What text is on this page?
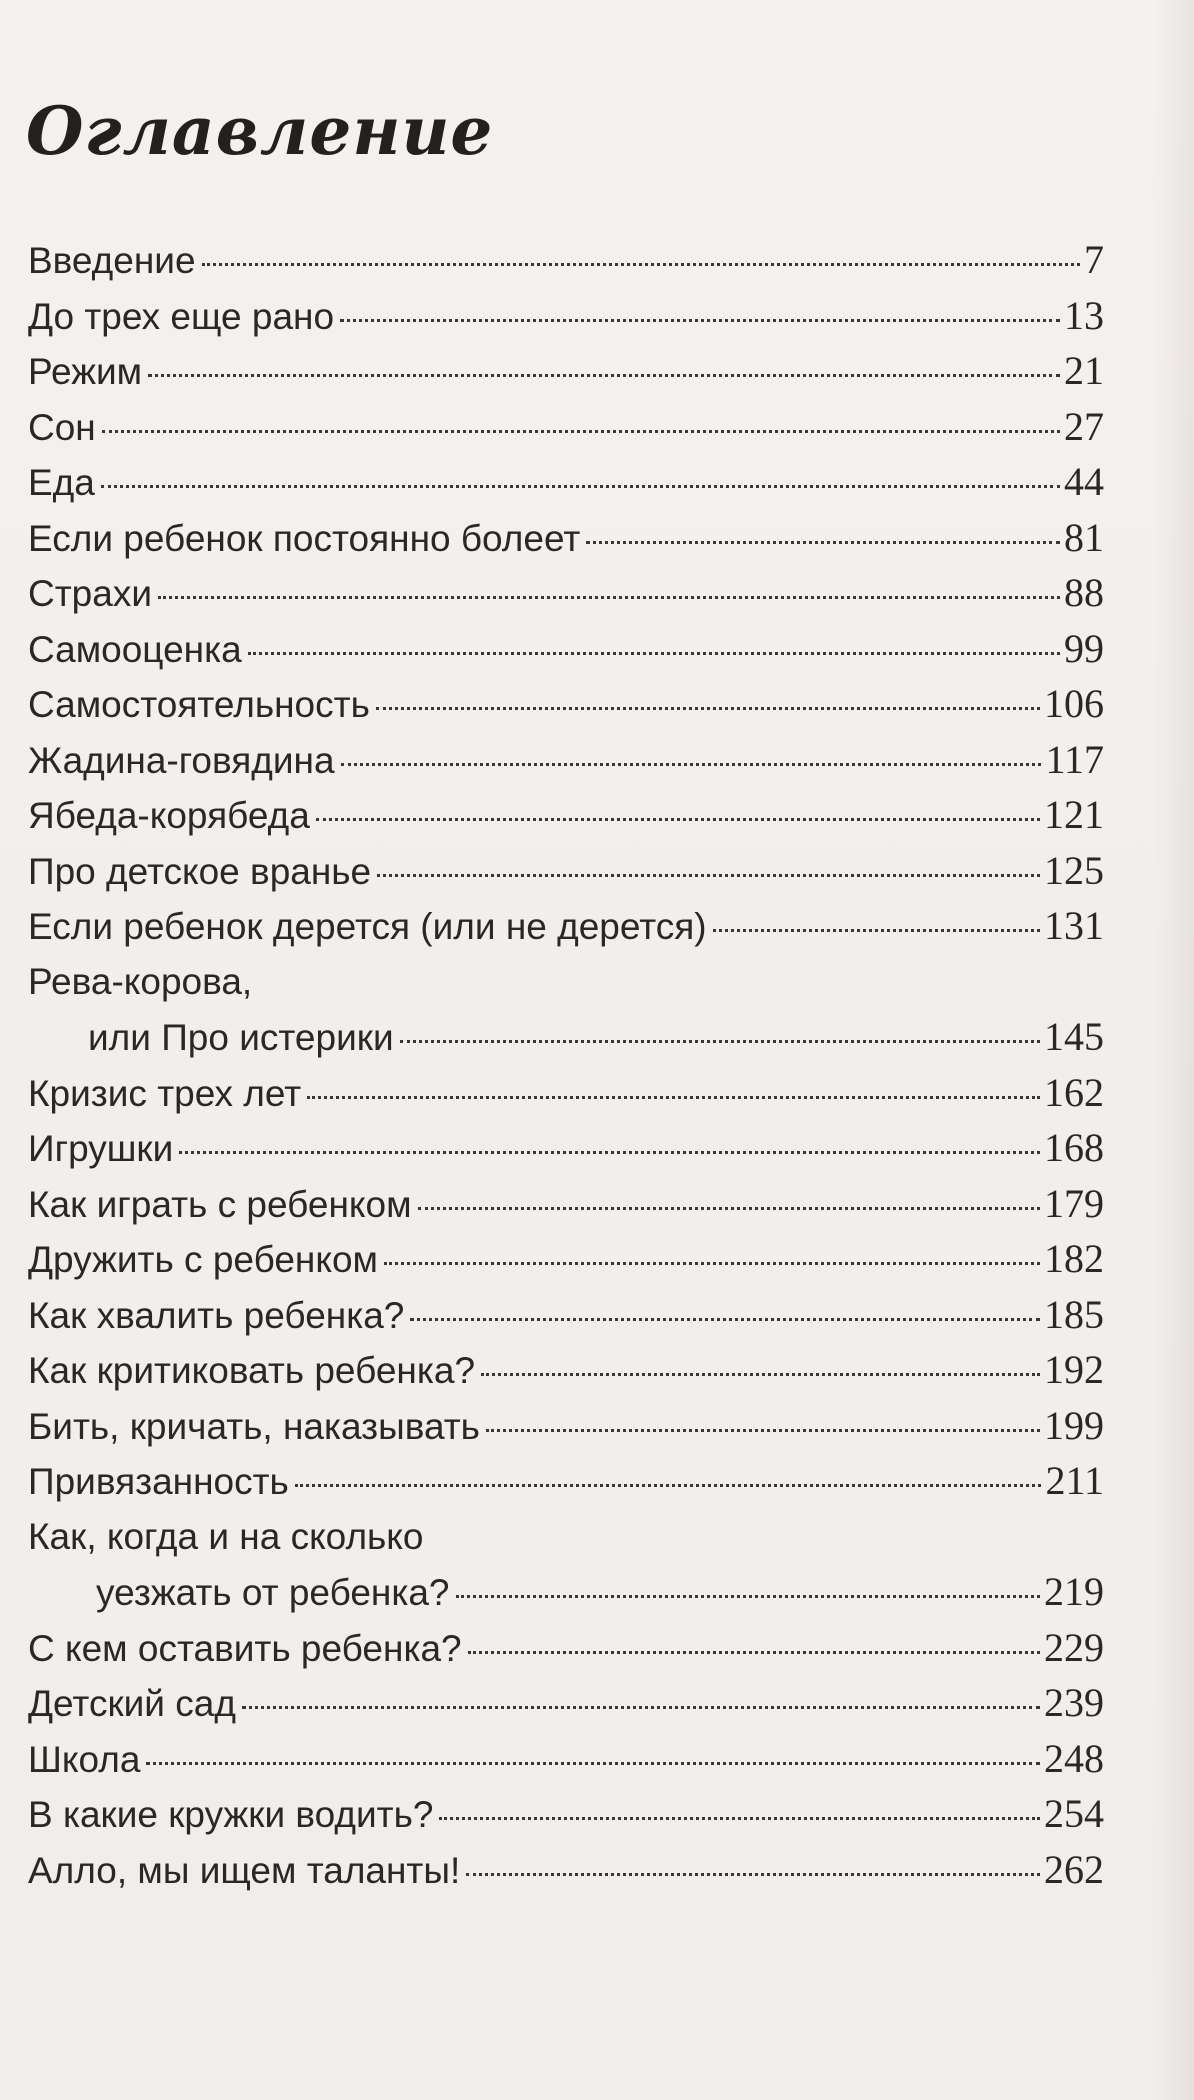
Оглавление
Введение	7
До трех еще рано	13
Режим	21
Сон	27
Еда	44
Если ребенок постоянно болеет	81
Страхи	88
Самооценка	99
Самостоятельность	106
Жадина-говядина	117
Ябеда-корябеда	121
Про детское вранье	125
Если ребенок дерется (или не дерется)	131
Рева-корова,
или Про истерики	145
Кризис трех лет	162
Игрушки	168
Как играть с ребенком	179
Дружить с ребенком	182
Как хвалить ребенка?	185
Как критиковать ребенка?	192
Бить, кричать, наказывать	199
Привязанность	211
Как, когда и на сколько
уезжать от ребенка?	219
С кем оставить ребенка?	229
Детский сад	239
Школа	248
В какие кружки водить?	254
Алло, мы ищем таланты!	262
